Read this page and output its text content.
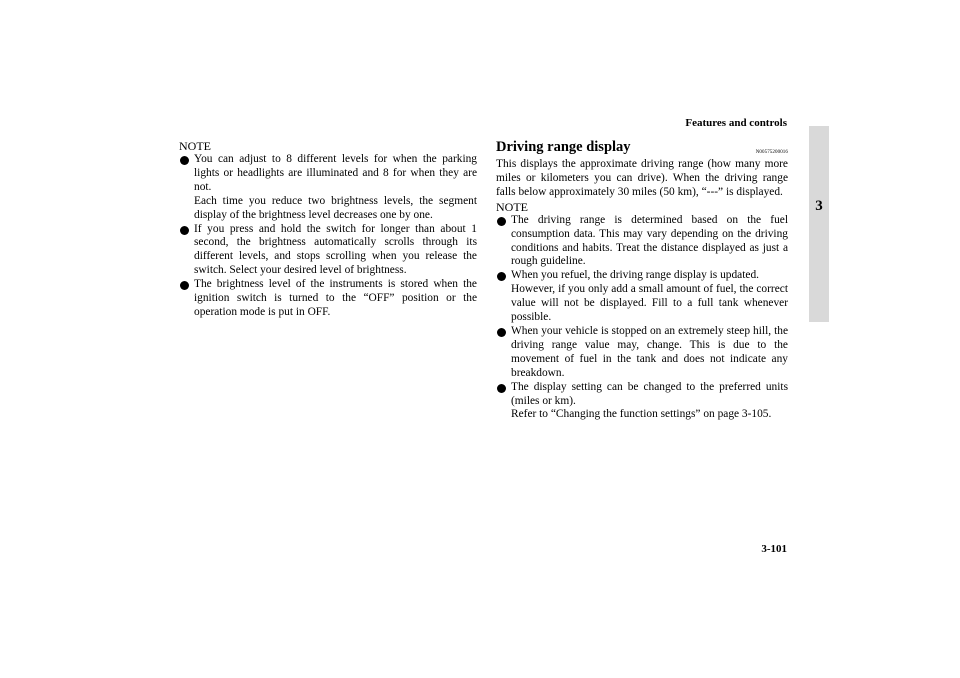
Features and controls
3

NOTE

You can adjust to 8 different levels for when the parking lights or headlights are illuminated and 8 for when they are not.
Each time you reduce two brightness levels, the segment display of the brightness level decreases one by one.
If you press and hold the switch for longer than about 1 second, the brightness automatically scrolls through its different levels, and stops scrolling when you release the switch. Select your desired level of brightness.
The brightness level of the instruments is stored when the ignition switch is turned to the “OFF” position or the operation mode is put in OFF.
Driving range display	N00575200016

This displays the approximate driving range (how many more miles or kilometers you can drive). When the driving range falls below approximately 30 miles (50 km), “---” is displayed.

NOTE

The driving range is determined based on the fuel consumption data. This may vary depending on the driving conditions and habits. Treat the distance displayed as just a rough guideline.
When you refuel, the driving range display is updated.
However, if you only add a small amount of fuel, the correct value will not be displayed. Fill to a full tank whenever possible.
When your vehicle is stopped on an extremely steep hill, the driving range value may, change. This is due to the movement of fuel in the tank and does not indicate any breakdown.
The display setting can be changed to the preferred units (miles or km).
Refer to “Changing the function settings” on page 3-105.
3-101
